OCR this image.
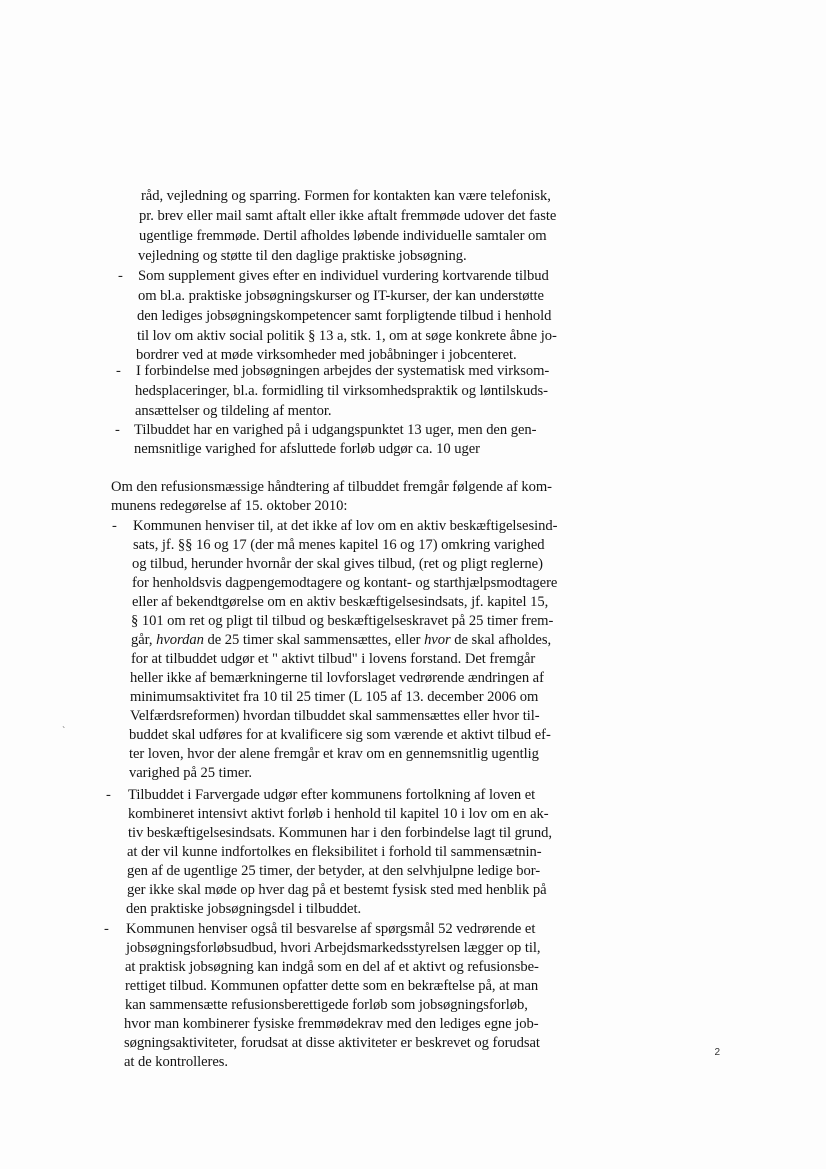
råd, vejledning og sparring. Formen for kontakten kan være telefonisk,
pr. brev eller mail samt aftalt eller ikke aftalt fremmøde udover det faste
ugentlige fremmøde. Dertil afholdes løbende individuelle samtaler om
vejledning og støtte til den daglige praktiske jobsøgning.
- Som supplement gives efter en individuel vurdering kortvarende tilbud
om bl.a. praktiske jobsøgningskurser og IT-kurser, der kan understøtte
den lediges jobsøgningskompetencer samt forpligtende tilbud i henhold
til lov om aktiv social politik § 13 a, stk. 1, om at søge konkrete åbne jo-
bordrer ved at møde virksomheder med jobåbninger i jobcenteret.
- I forbindelse med jobsøgningen arbejdes der systematisk med virksom-
hedsplaceringer, bl.a. formidling til virksomhedspraktik og løntilskuds-
ansættelser og tildeling af mentor.
- Tilbuddet har en varighed på i udgangspunktet 13 uger, men den gen-
nemsnitlige varighed for afsluttede forløb udgør ca. 10 uger
Om den refusionsmæssige håndtering af tilbuddet fremgår følgende af kom-
munens redegørelse af 15. oktober 2010:
- Kommunen henviser til, at det ikke af lov om en aktiv beskæftigelsesind-
sats, jf. §§ 16 og 17 (der må menes kapitel 16 og 17) omkring varighed
og tilbud, herunder hvornår der skal gives tilbud, (ret og pligt reglerne)
for henholdsvis dagpengemodtagere og kontant- og starthjælpsmodtagere
eller af bekendtgørelse om en aktiv beskæftigelsesindsats, jf. kapitel 15,
§ 101 om ret og pligt til tilbud og beskæftigelseskravet på 25 timer frem-
går, hvordan de 25 timer skal sammensættes, eller hvor de skal afholdes,
for at tilbuddet udgør et " aktivt tilbud" i lovens forstand. Det fremgår
heller ikke af bemærkningerne til lovforslaget vedrørende ændringen af
minimumsaktivitet fra 10 til 25 timer (L 105 af 13. december 2006 om
Velfærdsreformen) hvordan tilbuddet skal sammensættes eller hvor til-
buddet skal udføres for at kvalificere sig som værende et aktivt tilbud ef-
ter loven, hvor der alene fremgår et krav om en gennemsnitlig ugentlig
varighed på 25 timer.
- Tilbuddet i Farvergade udgør efter kommunens fortolkning af loven et
kombineret intensivt aktivt forløb i henhold til kapitel 10 i lov om en ak-
tiv beskæftigelsesindsats. Kommunen har i den forbindelse lagt til grund,
at der vil kunne indfortolkes en fleksibilitet i forhold til sammensætnin-
gen af de ugentlige 25 timer, der betyder, at den selvhjulpne ledige bor-
ger ikke skal møde op hver dag på et bestemt fysisk sted med henblik på
den praktiske jobsøgningsdel i tilbuddet.
- Kommunen henviser også til besvarelse af spørgsmål 52 vedrørende et
jobsøgningsforløbsudbud, hvori Arbejdsmarkedsstyrelsen lægger op til,
at praktisk jobsøgning kan indgå som en del af et aktivt og refusionsbe-
rettiget tilbud. Kommunen opfatter dette som en bekræftelse på, at man
kan sammensætte refusionsberettigede forløb som jobsøgningsforløb,
hvor man kombinerer fysiske fremmødekrav med den lediges egne job-
søgningsaktiviteter, forudsat at disse aktiviteter er beskrevet og forudsat
at de kontrolleres.
`
2
